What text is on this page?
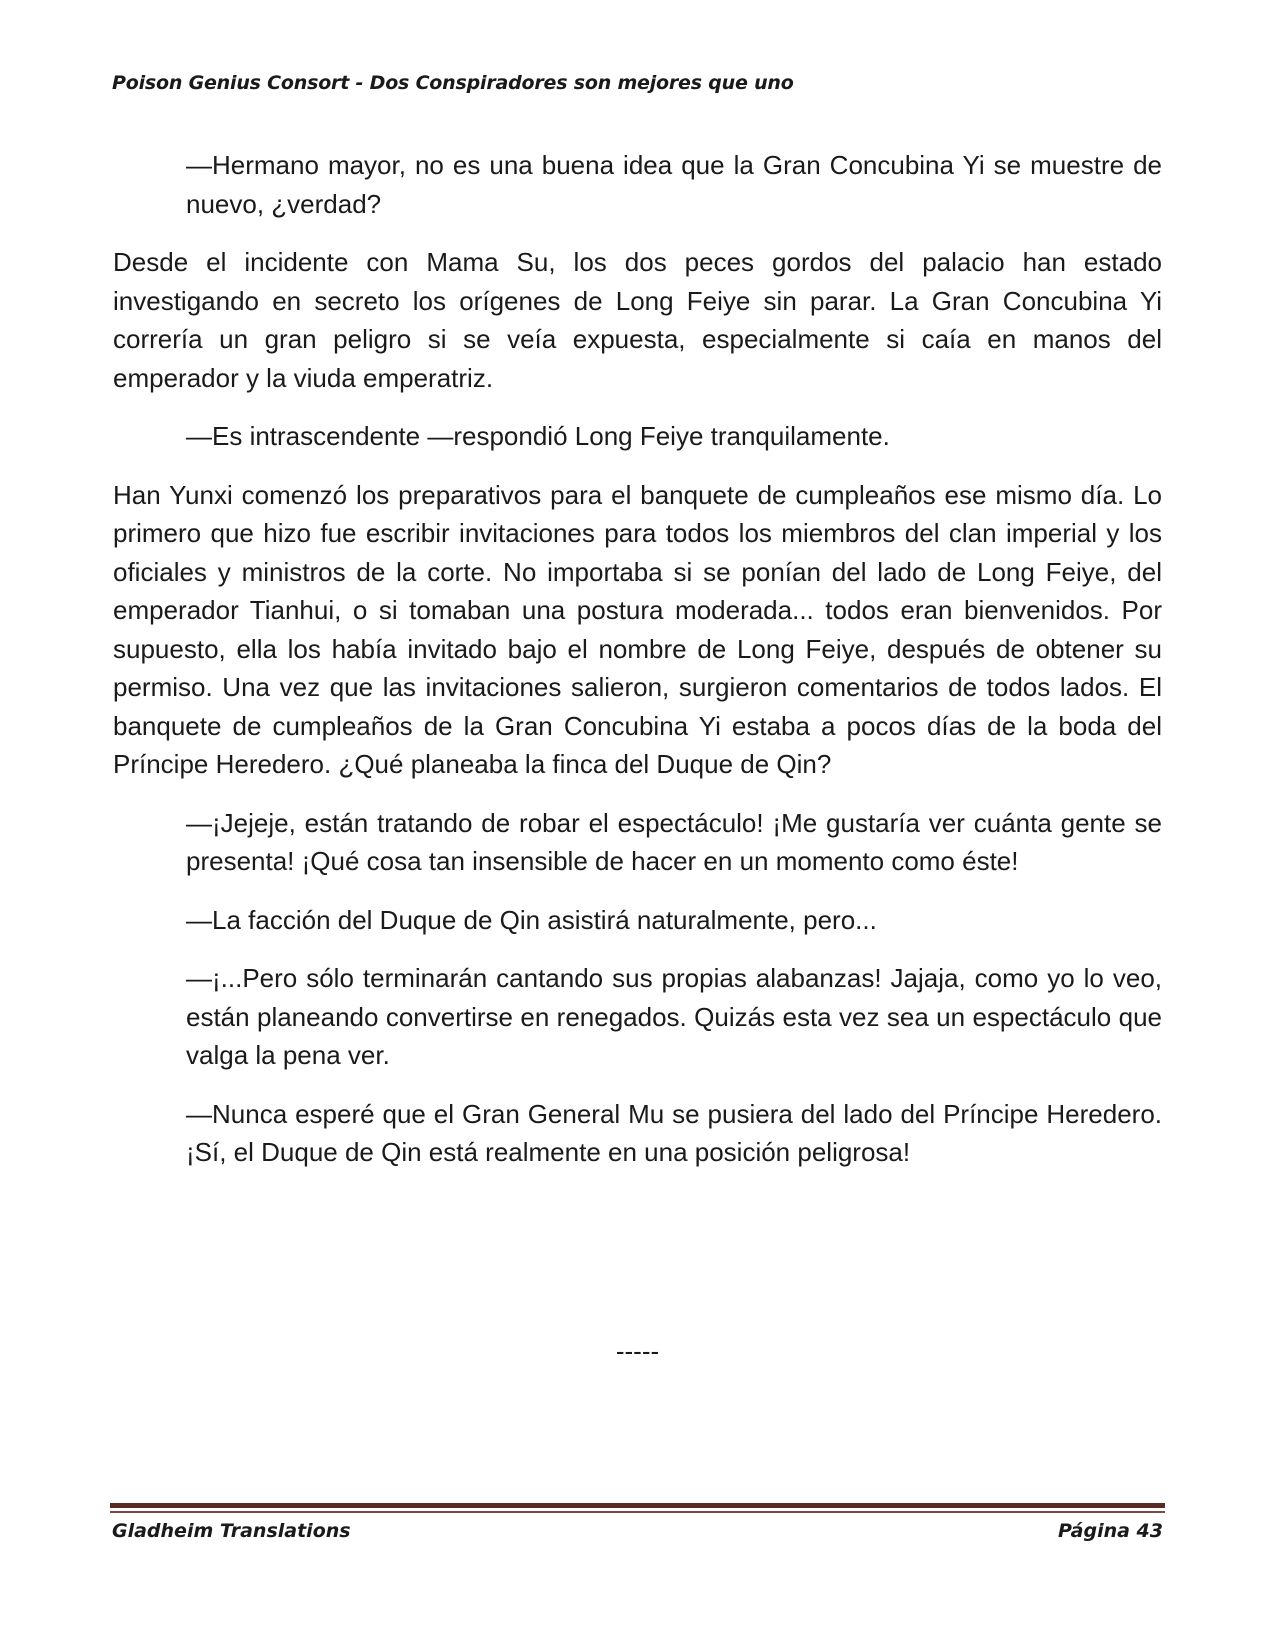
Poison Genius Consort - Dos Conspiradores son mejores que uno

—Hermano mayor, no es una buena idea que la Gran Concubina Yi se muestre de nuevo, ¿verdad?

Desde el incidente con Mama Su, los dos peces gordos del palacio han estado investigando en secreto los orígenes de Long Feiye sin parar. La Gran Concubina Yi correría un gran peligro si se veía expuesta, especialmente si caía en manos del emperador y la viuda emperatriz.

—Es intrascendente —respondió Long Feiye tranquilamente.

Han Yunxi comenzó los preparativos para el banquete de cumpleaños ese mismo día. Lo primero que hizo fue escribir invitaciones para todos los miembros del clan imperial y los oficiales y ministros de la corte. No importaba si se ponían del lado de Long Feiye, del emperador Tianhui, o si tomaban una postura moderada... todos eran bienvenidos. Por supuesto, ella los había invitado bajo el nombre de Long Feiye, después de obtener su permiso. Una vez que las invitaciones salieron, surgieron comentarios de todos lados. El banquete de cumpleaños de la Gran Concubina Yi estaba a pocos días de la boda del Príncipe Heredero. ¿Qué planeaba la finca del Duque de Qin?

—¡Jejeje, están tratando de robar el espectáculo! ¡Me gustaría ver cuánta gente se presenta! ¡Qué cosa tan insensible de hacer en un momento como éste!

—La facción del Duque de Qin asistirá naturalmente, pero...

—¡...Pero sólo terminarán cantando sus propias alabanzas! Jajaja, como yo lo veo, están planeando convertirse en renegados. Quizás esta vez sea un espectáculo que valga la pena ver.

—Nunca esperé que el Gran General Mu se pusiera del lado del Príncipe Heredero. ¡Sí, el Duque de Qin está realmente en una posición peligrosa!

-----
Gladheim Translations	Página 43
